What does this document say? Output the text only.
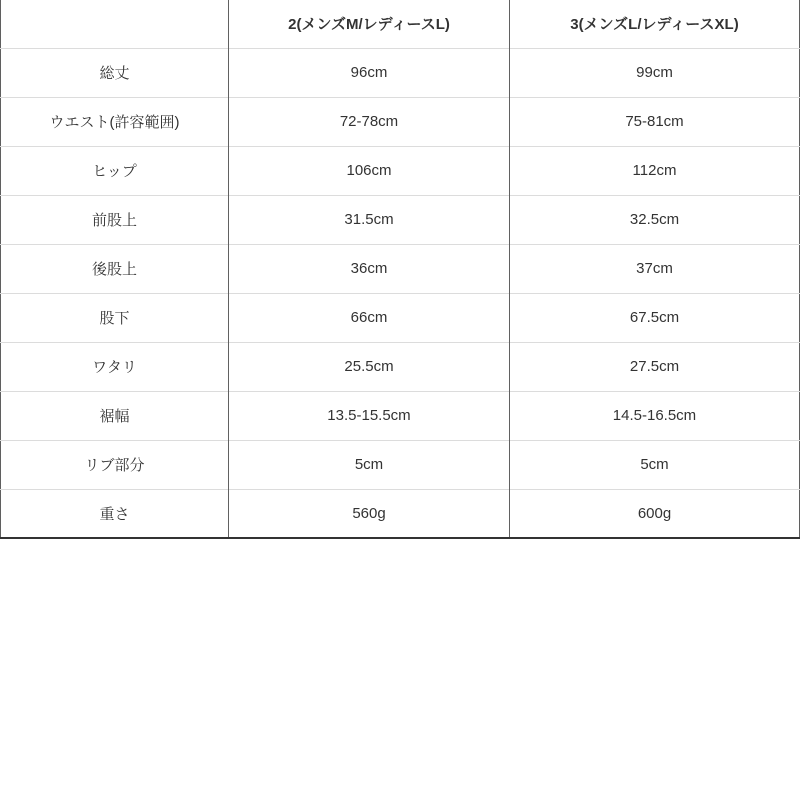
	2(メンズM/レディースL)	3(メンズL/レディースXL)
総丈	96cm	99cm
ウエスト(許容範囲)	72-78cm	75-81cm
ヒップ	106cm	112cm
前股上	31.5cm	32.5cm
後股上	36cm	37cm
股下	66cm	67.5cm
ワタリ	25.5cm	27.5cm
裾幅	13.5-15.5cm	14.5-16.5cm
リブ部分	5cm	5cm
重さ	560g	600g
